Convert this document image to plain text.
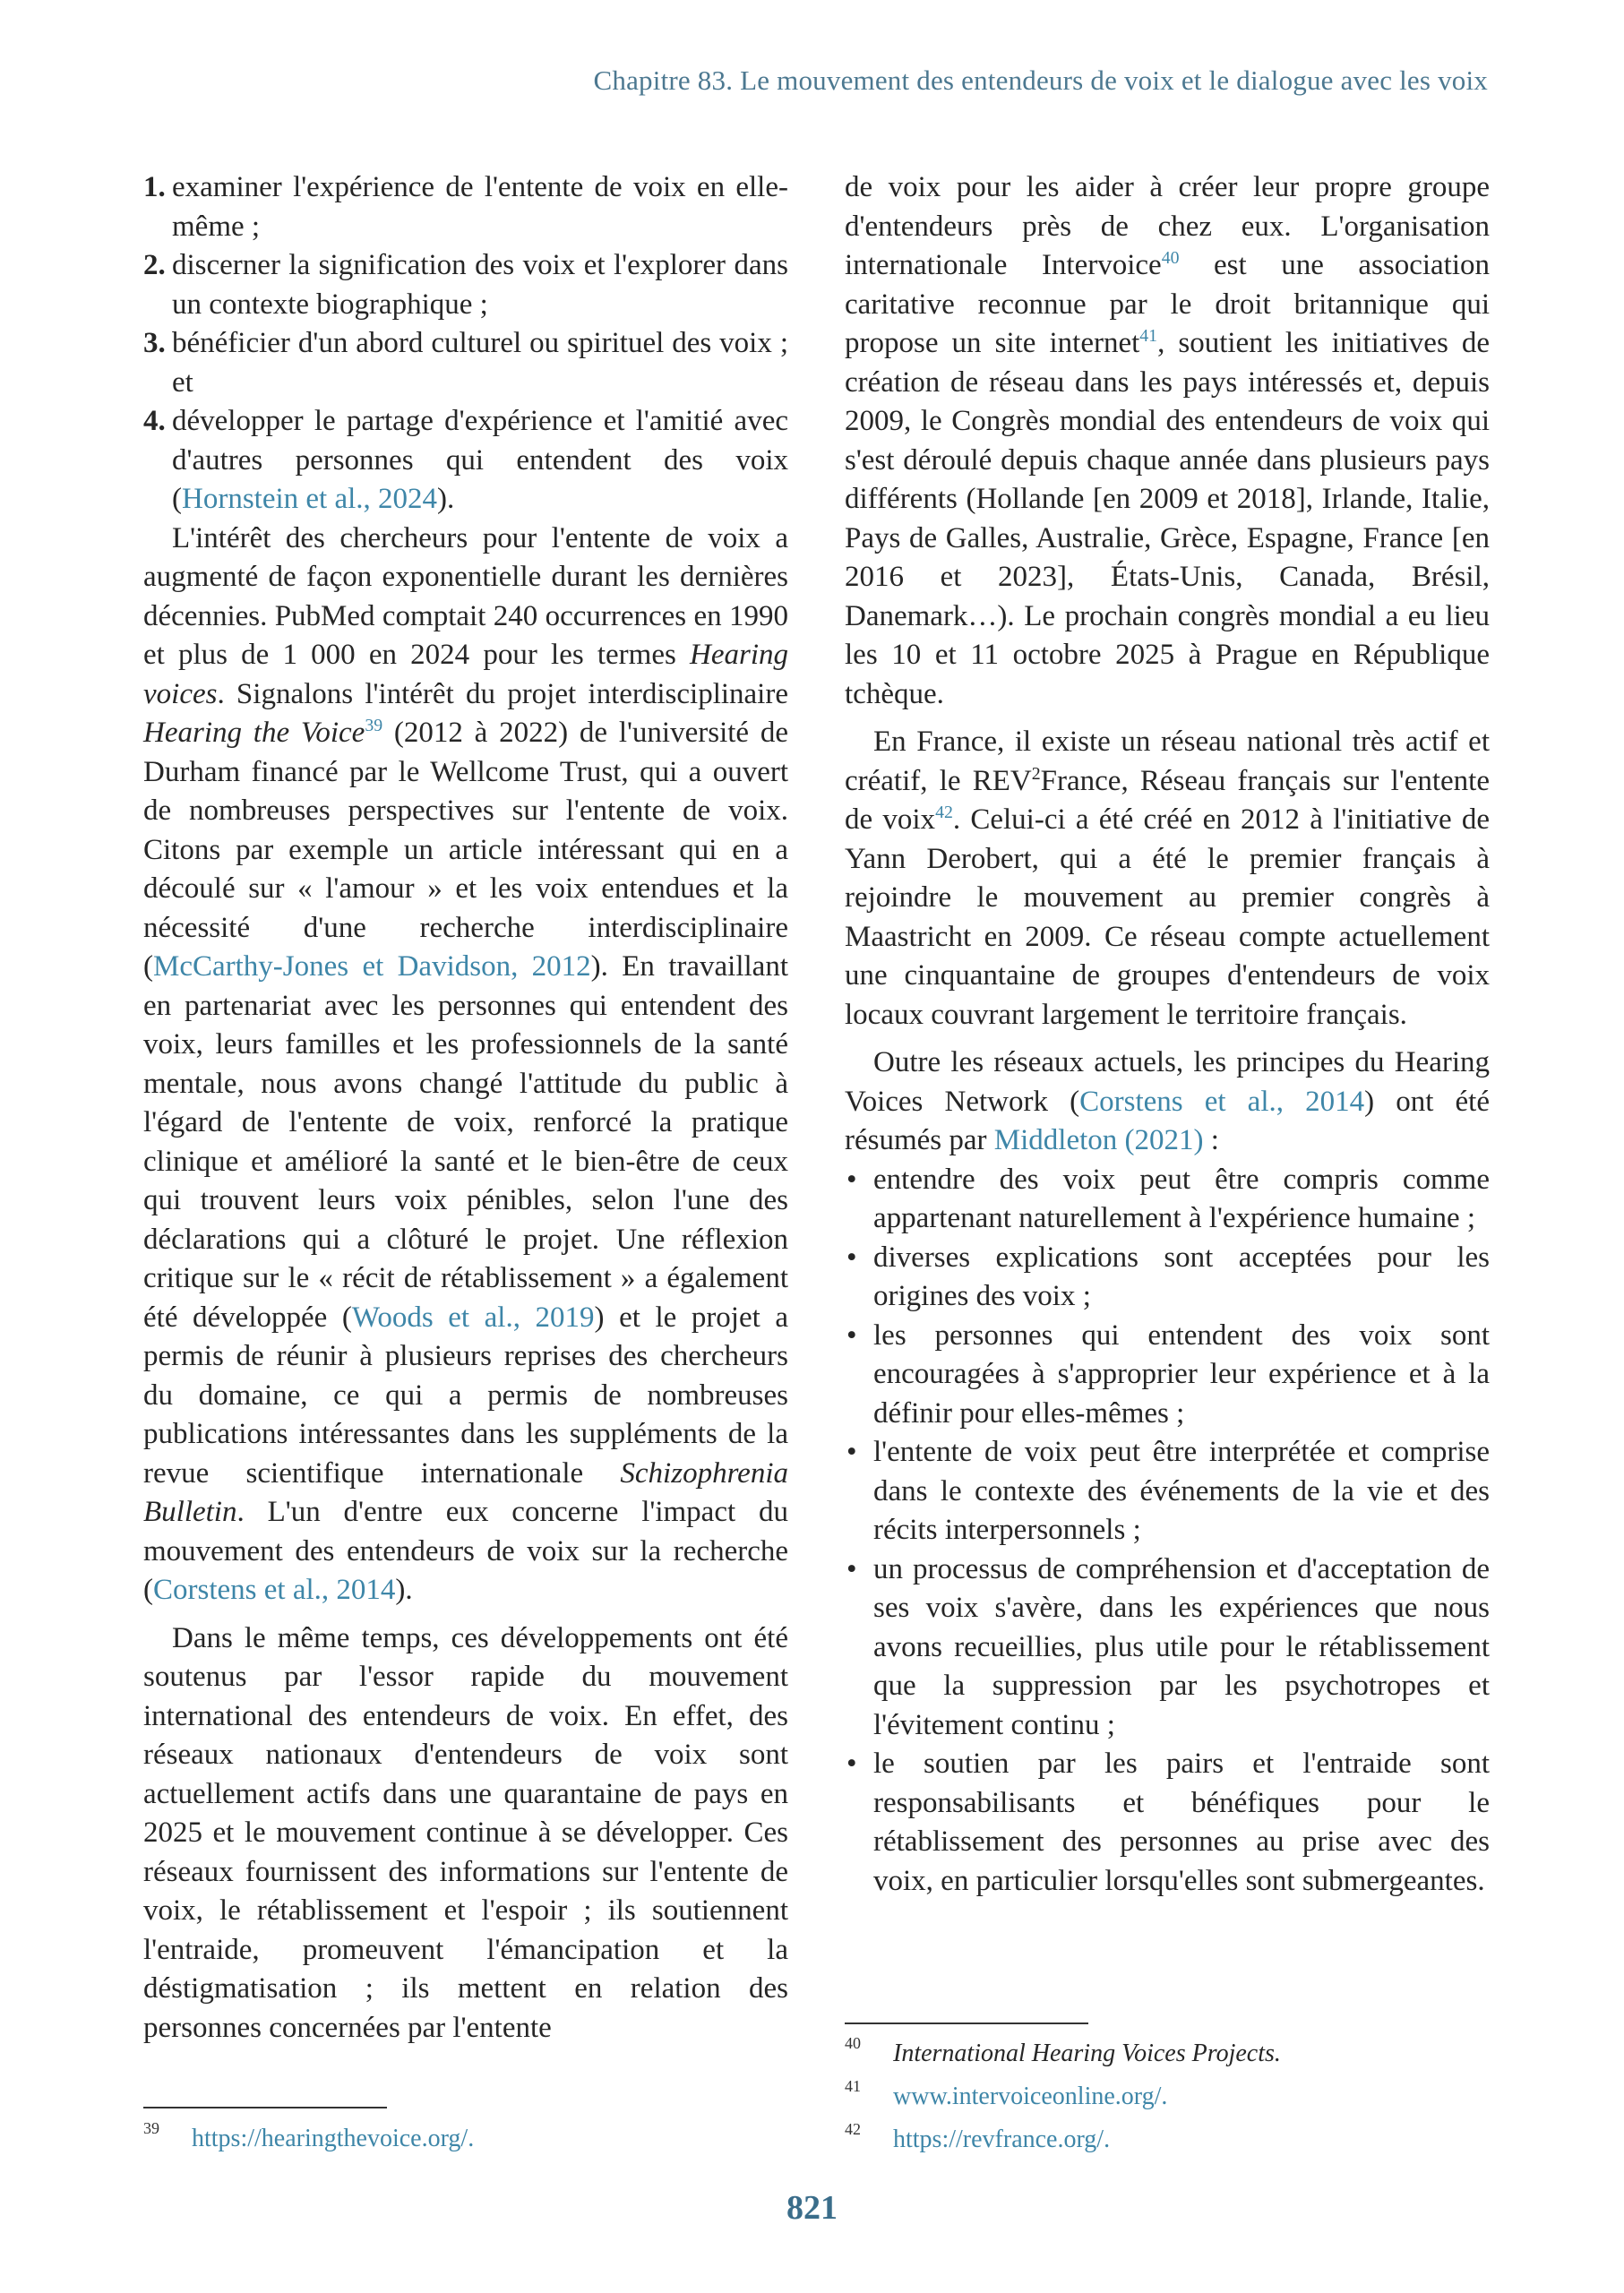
Chapitre 83. Le mouvement des entendeurs de voix et le dialogue avec les voix
1. examiner l'expérience de l'entente de voix en elle-même ;
2. discerner la signification des voix et l'explorer dans un contexte biographique ;
3. bénéficier d'un abord culturel ou spirituel des voix ; et
4. développer le partage d'expérience et l'amitié avec d'autres personnes qui entendent des voix (Hornstein et al., 2024).

L'intérêt des chercheurs pour l'entente de voix a augmenté de façon exponentielle durant les dernières décennies. PubMed comptait 240 occurrences en 1990 et plus de 1 000 en 2024 pour les termes Hearing voices. Signalons l'intérêt du projet interdisciplinaire Hearing the Voice$^{39}$ (2012 à 2022) de l'université de Durham financé par le Wellcome Trust, qui a ouvert de nombreuses perspectives sur l'entente de voix. Citons par exemple un article intéressant qui en a découlé sur « l'amour » et les voix entendues et la nécessité d'une recherche interdisciplinaire (McCarthy-Jones et Davidson, 2012). En travaillant en partenariat avec les personnes qui entendent des voix, leurs familles et les professionnels de la santé mentale, nous avons changé l'attitude du public à l'égard de l'entente de voix, renforcé la pratique clinique et amélioré la santé et le bien-être de ceux qui trouvent leurs voix pénibles, selon l'une des déclarations qui a clôturé le projet. Une réflexion critique sur le « récit de rétablissement » a également été développée (Woods et al., 2019) et le projet a permis de réunir à plusieurs reprises des chercheurs du domaine, ce qui a permis de nombreuses publications intéressantes dans les suppléments de la revue scientifique internationale Schizophrenia Bulletin. L'un d'entre eux concerne l'impact du mouvement des entendeurs de voix sur la recherche (Corstens et al., 2014).

Dans le même temps, ces développements ont été soutenus par l'essor rapide du mouvement international des entendeurs de voix. En effet, des réseaux nationaux d'entendeurs de voix sont actuellement actifs dans une quarantaine de pays en 2025 et le mouvement continue à se développer. Ces réseaux fournissent des informations sur l'entente de voix, le rétablissement et l'espoir ; ils soutiennent l'entraide, promeuvent l'émancipation et la déstigmatisation ; ils mettent en relation des personnes concernées par l'entente

de voix pour les aider à créer leur propre groupe d'entendeurs près de chez eux. L'organisation internationale Intervoice$^{40}$ est une association caritative reconnue par le droit britannique qui propose un site internet$^{41}$, soutient les initiatives de création de réseau dans les pays intéressés et, depuis 2009, le Congrès mondial des entendeurs de voix qui s'est déroulé depuis chaque année dans plusieurs pays différents (Hollande [en 2009 et 2018], Irlande, Italie, Pays de Galles, Australie, Grèce, Espagne, France [en 2016 et 2023], États-Unis, Canada, Brésil, Danemark…). Le prochain congrès mondial a eu lieu les 10 et 11 octobre 2025 à Prague en République tchèque.

En France, il existe un réseau national très actif et créatif, le REV$^2$France, Réseau français sur l'entente de voix$^{42}$. Celui-ci a été créé en 2012 à l'initiative de Yann Derobert, qui a été le premier français à rejoindre le mouvement au premier congrès à Maastricht en 2009. Ce réseau compte actuellement une cinquantaine de groupes d'entendeurs de voix locaux couvrant largement le territoire français.

Outre les réseaux actuels, les principes du Hearing Voices Network (Corstens et al., 2014) ont été résumés par Middleton (2021) :

• entendre des voix peut être compris comme appartenant naturellement à l'expérience humaine ;
• diverses explications sont acceptées pour les origines des voix ;
• les personnes qui entendent des voix sont encouragées à s'approprier leur expérience et à la définir pour elles-mêmes ;
• l'entente de voix peut être interprétée et comprise dans le contexte des événements de la vie et des récits interpersonnels ;
• un processus de compréhension et d'acceptation de ses voix s'avère, dans les expériences que nous avons recueillies, plus utile pour le rétablissement que la suppression par les psychotropes et l'évitement continu ;
• le soutien par les pairs et l'entraide sont responsabilisants et bénéfiques pour le rétablissement des personnes au prise avec des voix, en particulier lorsqu'elles sont submergeantes.
39 https://hearingthevoice.org/.
40 International Hearing Voices Projects.
41 www.intervoiceonline.org/.
42 https://revfrance.org/.
821
